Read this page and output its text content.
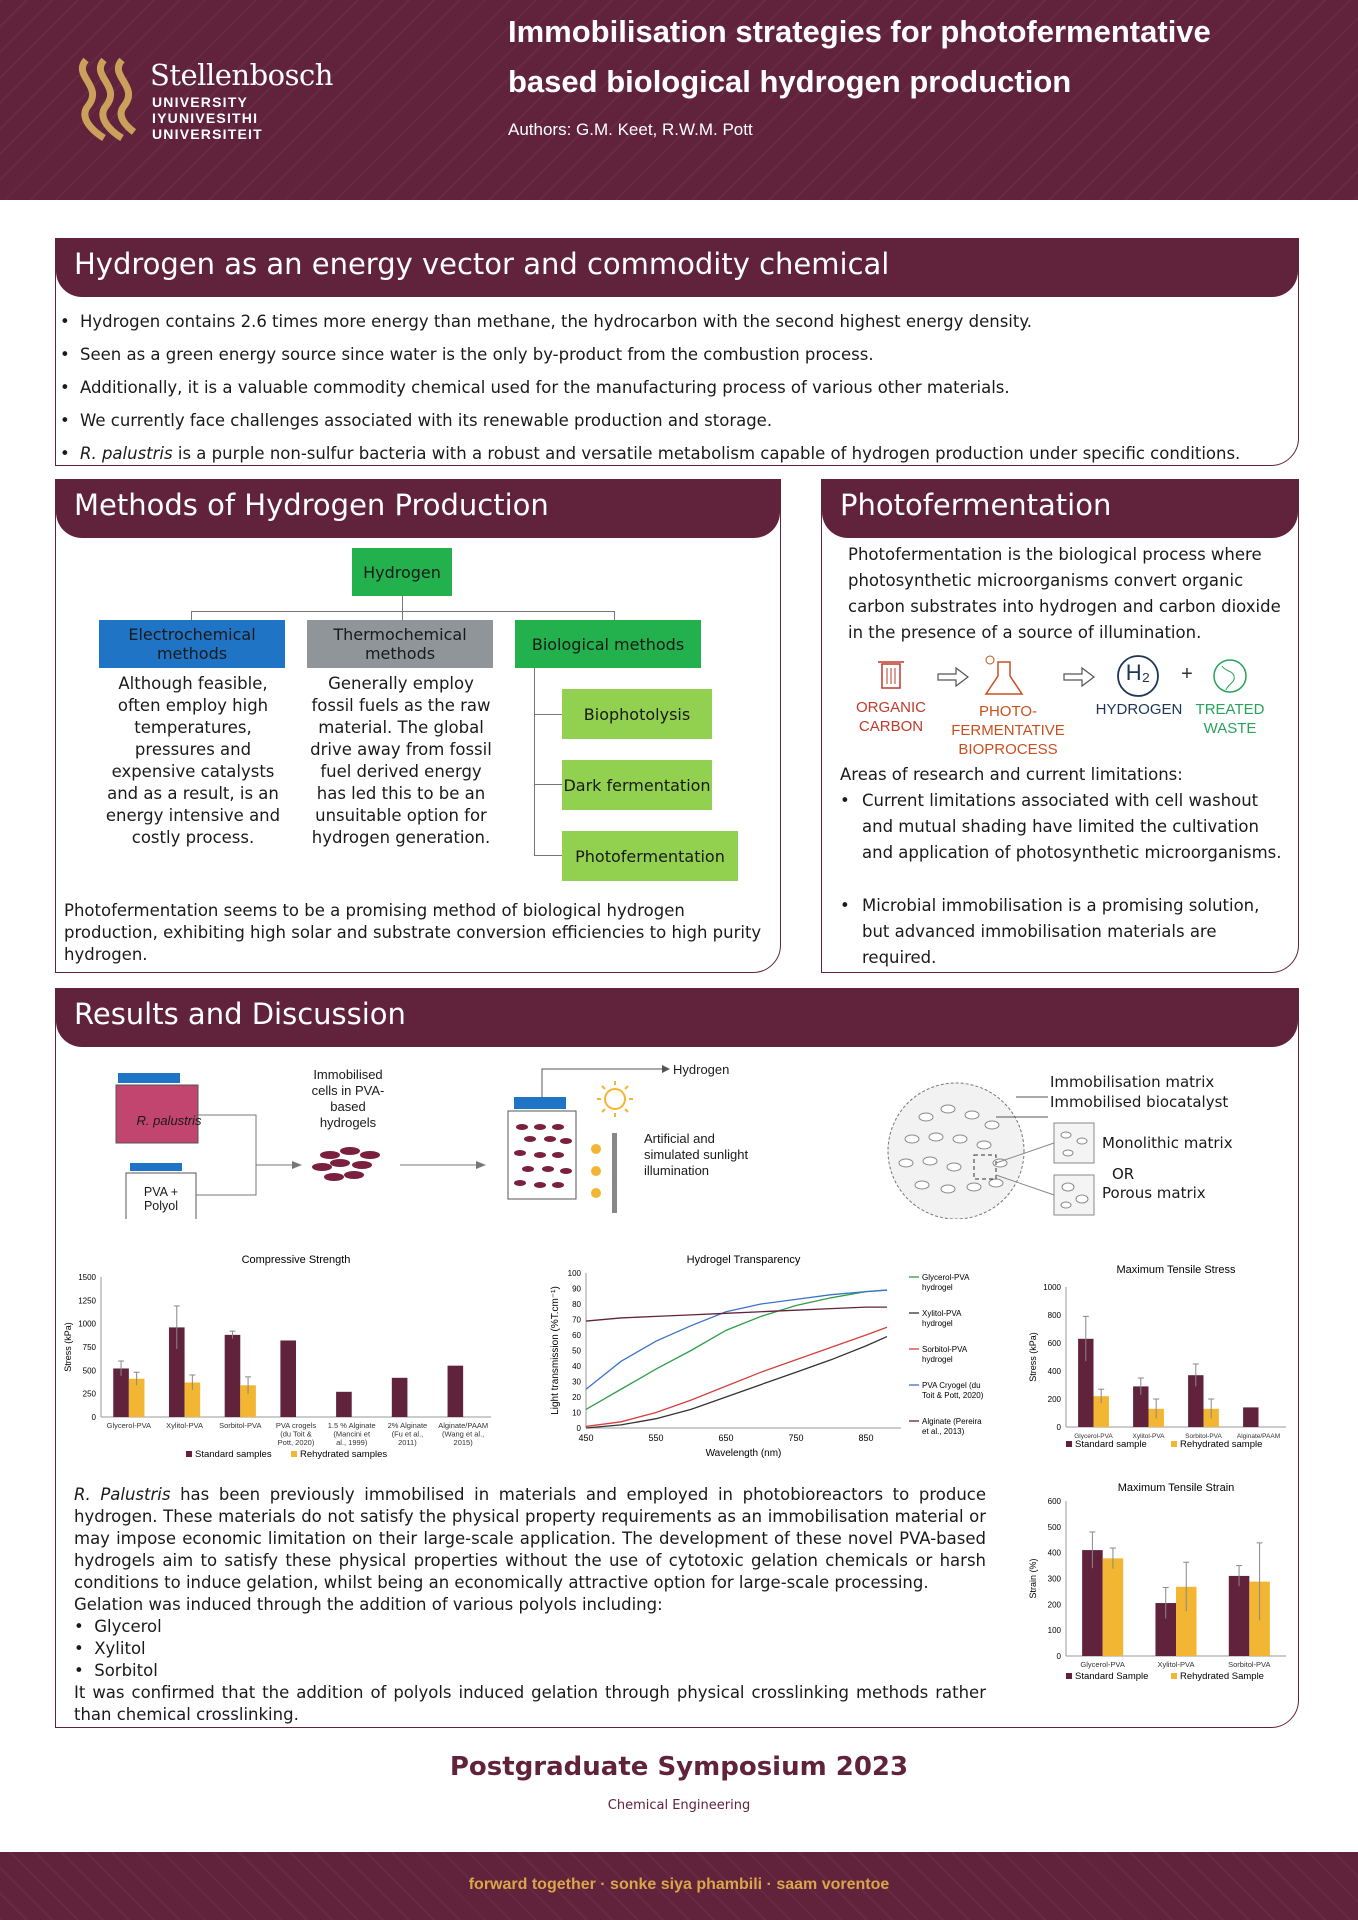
Stellenbosch
UNIVERSITY
IYUNIVESITHI
UNIVERSITEIT
Immobilisation strategies for photofermentative
based biological hydrogen production
Authors: G.M. Keet, R.W.M. Pott
Hydrogen as an energy vector and commodity chemical
• Hydrogen contains 2.6 times more energy than methane, the hydrocarbon with the second highest energy density.
• Seen as a green energy source since water is the only by-product from the combustion process.
• Additionally, it is a valuable commodity chemical used for the manufacturing process of various other materials.
• We currently face challenges associated with its renewable production and storage.
• R. palustris is a purple non-sulfur bacteria with a robust and versatile metabolism capable of hydrogen production under specific conditions.
Methods of Hydrogen Production
Hydrogen
Electrochemical methods
Thermochemical methods	Biological methods
Biophotolysis
Dark fermentation
Photofermentation
Although feasible, often employ high temperatures, pressures and expensive catalysts and as a result, is an energy intensive and costly process.
Generally employ fossil fuels as the raw material. The global drive away from fossil fuel derived energy has led this to be an unsuitable option for hydrogen generation.
Photofermentation seems to be a promising method of biological hydrogen production, exhibiting high solar and substrate conversion efficiencies to high purity hydrogen.
Photofermentation
Photofermentation is the biological process where photosynthetic microorganisms convert organic carbon substrates into hydrogen and carbon dioxide in the presence of a source of illumination.
H₂ +
ORGANIC CARBON
PHOTO- FERMENTATIVE BIOPROCESS
HYDROGEN TREATED WASTE
Areas of research and current limitations:
• Current limitations associated with cell washout and mutual shading have limited the cultivation and application of photosynthetic microorganisms.
• Microbial immobilisation is a promising solution, but advanced immobilisation materials are required.
Results and Discussion
R. palustris
PVA + Polyol
Immobilised cells in PVA-based hydrogels
Hydrogen
Artificial and simulated sunlight illumination
Immobilisation matrix
Immobilised biocatalyst
Monolithic matrix
OR
Porous matrix
Compressive Strength
0
250
500
750
1000
1250
1500
Stress (kPa)
Glycerol-PVA Xylitol-PVA Sorbitol-PVA PVA crogels
(du Toit &
Pott, 2020)
1.5 % Alginate
(Mancini et
al., 1999)
2% Alginate
(Fu et al.,
2011)
Alginate/PAAM
(Wang et al.,
2015)
Standard samples	Rehydrated samples
Hydrogel Transparency
0
10
20
30
40
50
60
70
80
90
100
450	550	650	750	850
Wavelength (nm)
Light transmission (%T.cm⁻¹)
Glycerol-PVA
hydrogel
Xylitol-PVA
hydrogel
Sorbitol-PVA
hydrogel
PVA Cryogel (du
Toit & Pott, 2020)
Alginate (Pereira
et al., 2013)
Maximum Tensile Stress
0
200
400
600
800
1000
Stress (kPa)
Glycerol-PVA	Xylitol-PVA	Sorbitol-PVA Alginate/PAAM
Standard sample	Rehydrated sample
Maximum Tensile Strain
0
100
200
300
400
500
600
Strain (%)
Glycerol-PVA	Xylitol-PVA	Sorbitol-PVA
Standard Sample	Rehydrated Sample
R. Palustris has been previously immobilised in materials and employed in photobioreactors to produce hydrogen. These materials do not satisfy the physical property requirements as an immobilisation material or may impose economic limitation on their large-scale application. The development of these novel PVA-based hydrogels aim to satisfy these physical properties without the use of cytotoxic gelation chemicals or harsh conditions to induce gelation, whilst being an economically attractive option for large-scale processing.
Gelation was induced through the addition of various polyols including:
•  Glycerol
•  Xylitol
•  Sorbitol
It was confirmed that the addition of polyols induced gelation through physical crosslinking methods rather than chemical crosslinking.
Postgraduate Symposium 2023
Chemical Engineering
forward together · sonke siya phambili · saam vorentoe
